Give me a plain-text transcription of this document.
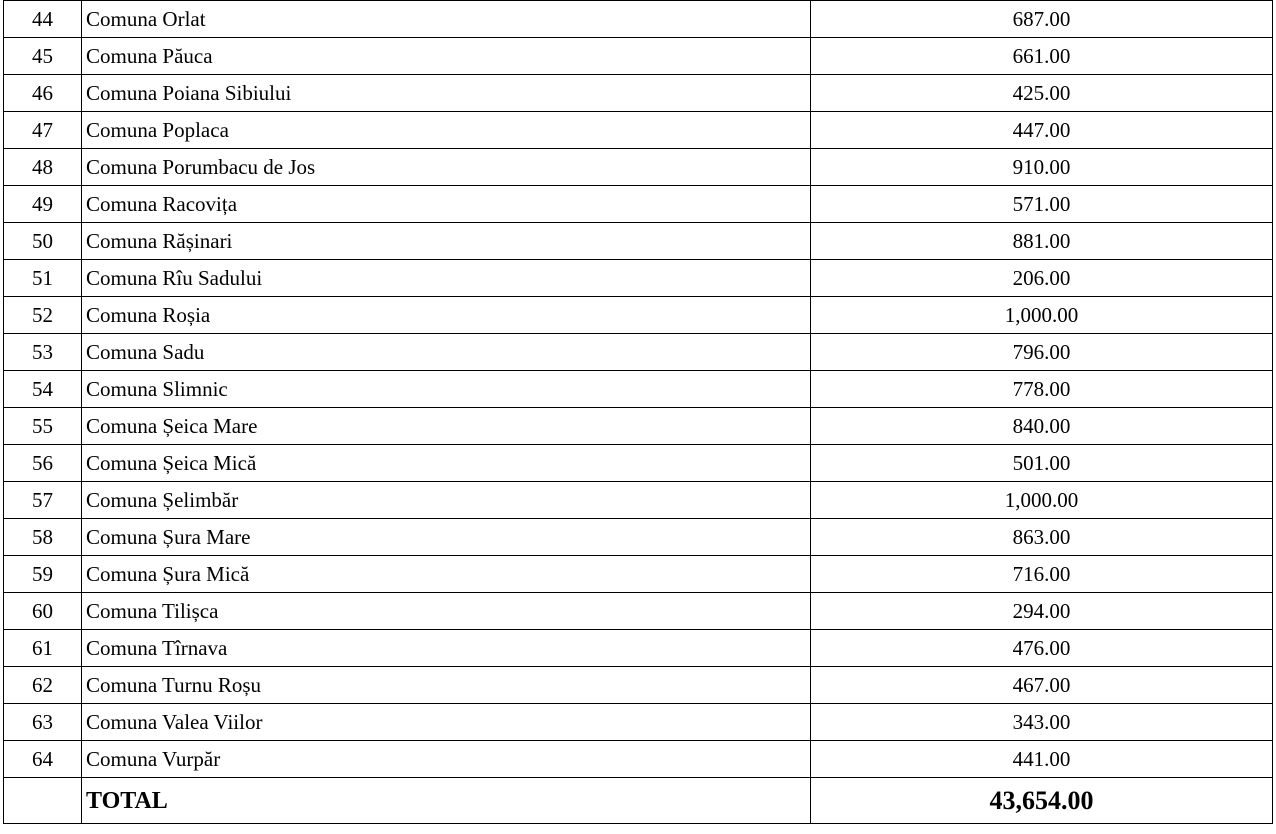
44	Comuna Orlat	687.00
45	Comuna Păuca	661.00
46	Comuna Poiana Sibiului	425.00
47	Comuna Poplaca	447.00
48	Comuna Porumbacu de Jos	910.00
49	Comuna Racovița	571.00
50	Comuna Rășinari	881.00
51	Comuna Rîu Sadului	206.00
52	Comuna Roșia	1,000.00
53	Comuna Sadu	796.00
54	Comuna Slimnic	778.00
55	Comuna Șeica Mare	840.00
56	Comuna Șeica Mică	501.00
57	Comuna Șelimbăr	1,000.00
58	Comuna Șura Mare	863.00
59	Comuna Șura Mică	716.00
60	Comuna Tilișca	294.00
61	Comuna Tîrnava	476.00
62	Comuna Turnu Roșu	467.00
63	Comuna Valea Viilor	343.00
64	Comuna Vurpăr	441.00
	TOTAL	43,654.00
